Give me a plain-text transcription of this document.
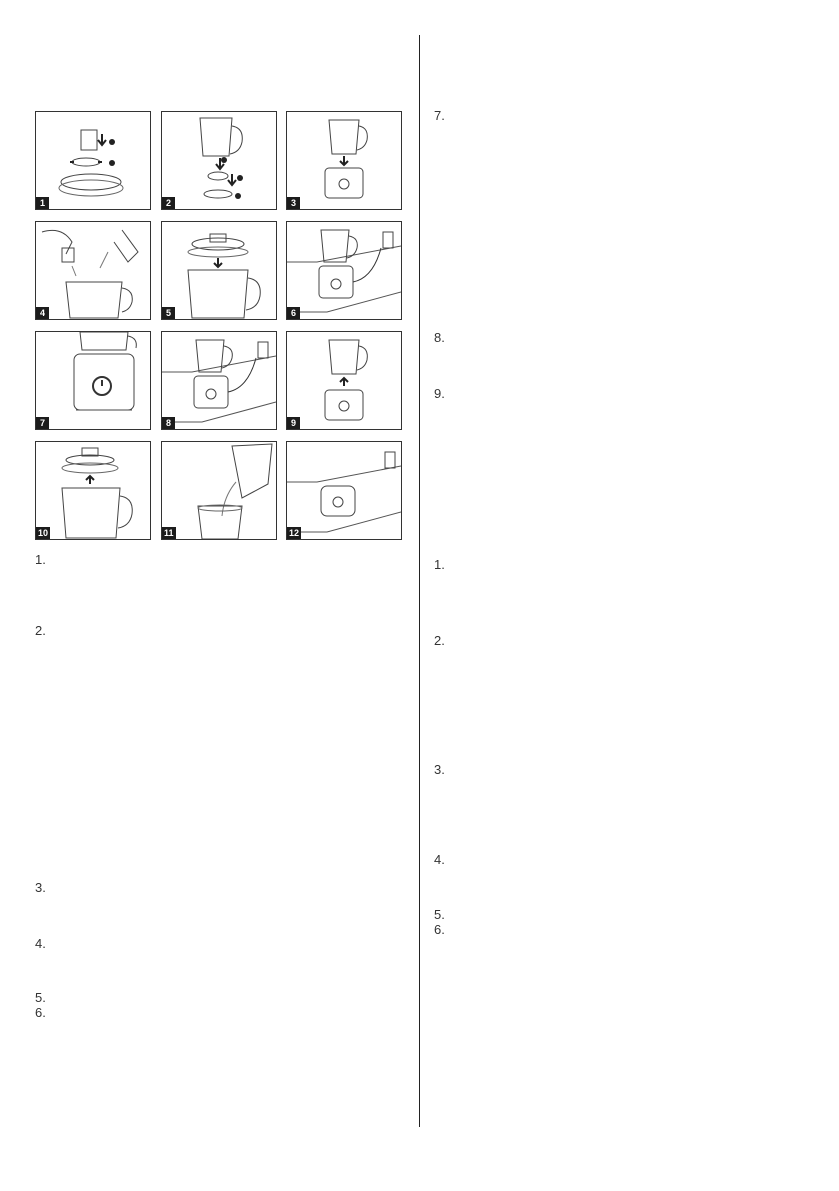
1	2	3
4	5	6
7	8	9
10	11	12
1.
2.
3.
4.
5.
6.
7.
8.
9.
1.
2.
3.
4.
5.
6.
